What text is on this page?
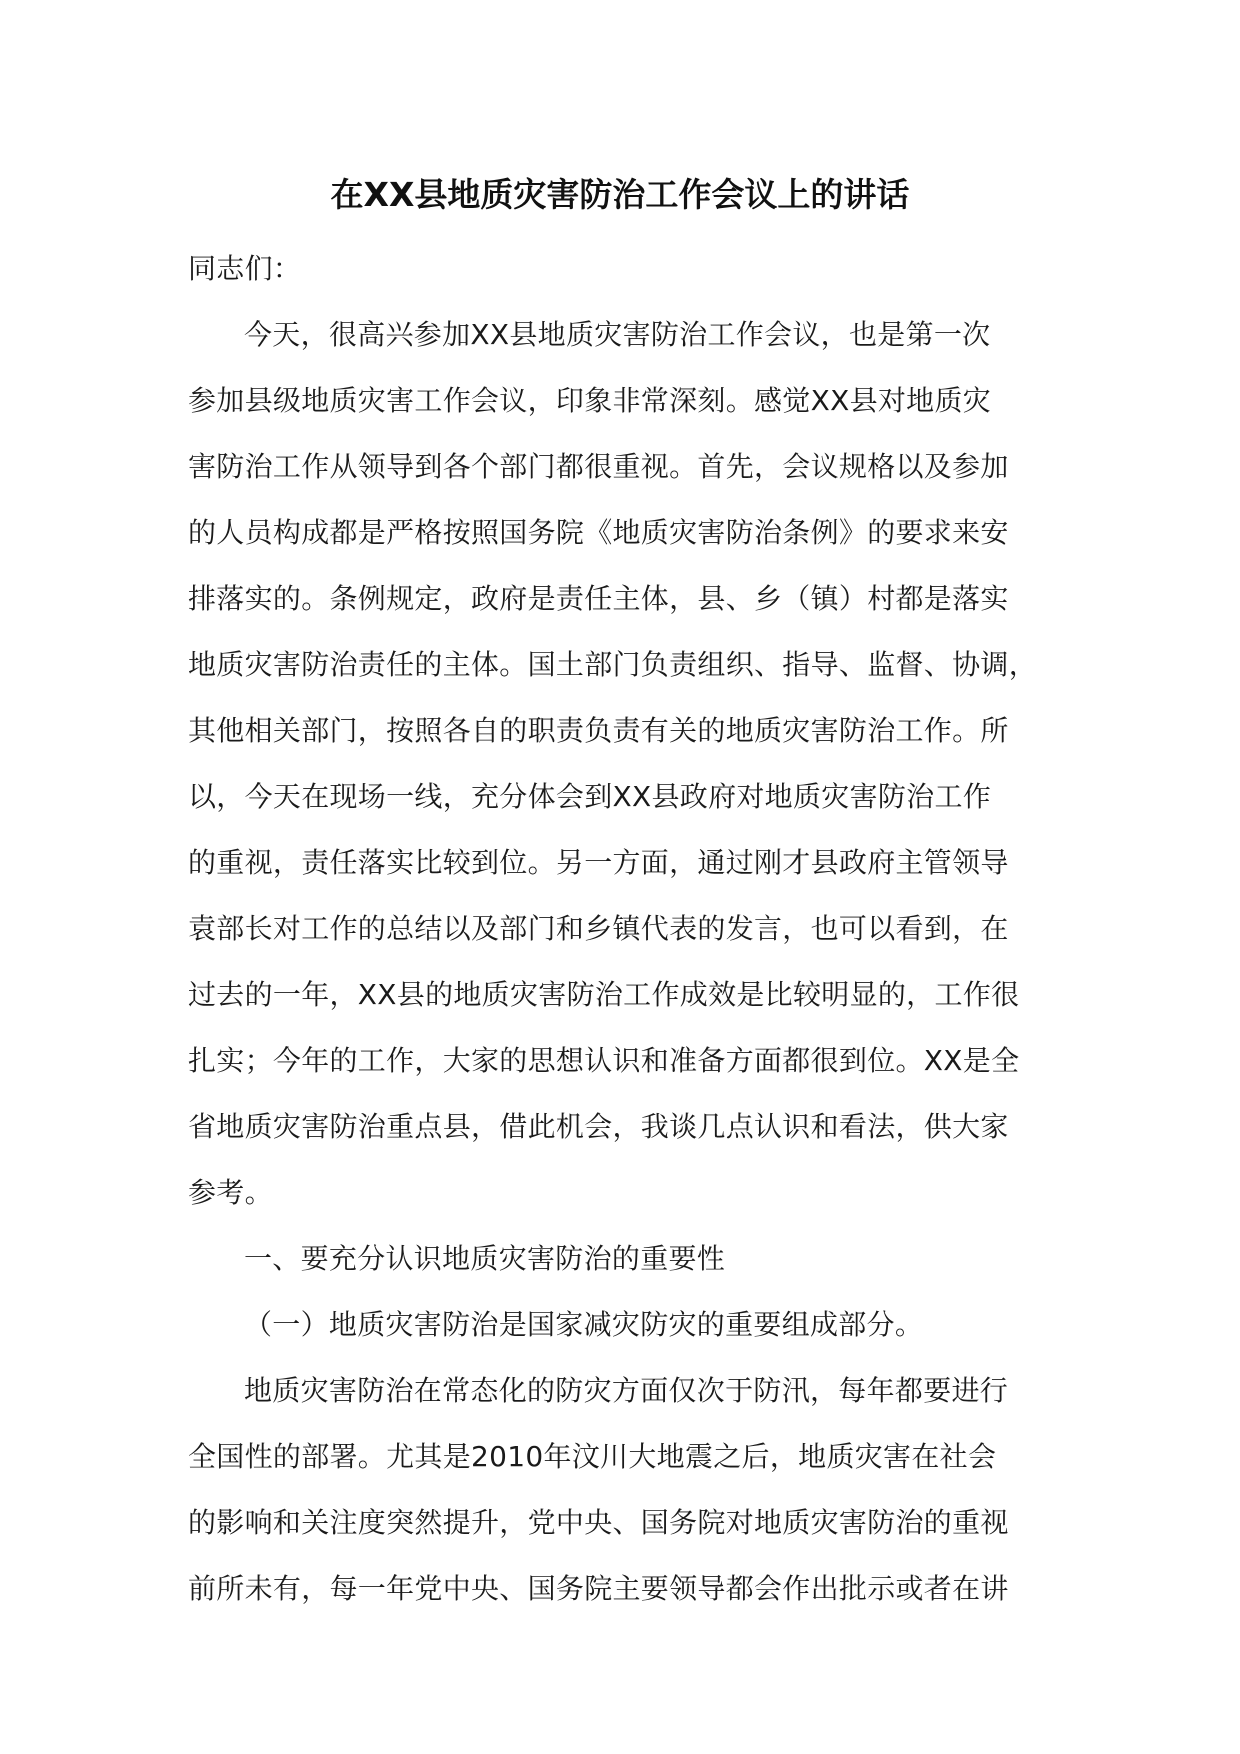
在XX县地质灾害防治工作会议上的讲话
同志们：
今天，很高兴参加XX县地质灾害防治工作会议，也是第一次
参加县级地质灾害工作会议，印象非常深刻。感觉XX县对地质灾
害防治工作从领导到各个部门都很重视。首先，会议规格以及参加
的人员构成都是严格按照国务院《地质灾害防治条例》的要求来安
排落实的。条例规定，政府是责任主体，县、乡（镇）村都是落实
地质灾害防治责任的主体。国土部门负责组织、指导、监督、协调，
其他相关部门，按照各自的职责负责有关的地质灾害防治工作。所
以，今天在现场一线，充分体会到XX县政府对地质灾害防治工作
的重视，责任落实比较到位。另一方面，通过刚才县政府主管领导
袁部长对工作的总结以及部门和乡镇代表的发言，也可以看到，在
过去的一年，XX县的地质灾害防治工作成效是比较明显的，工作很
扎实；今年的工作，大家的思想认识和准备方面都很到位。XX是全
省地质灾害防治重点县，借此机会，我谈几点认识和看法，供大家
参考。
一、要充分认识地质灾害防治的重要性
（一）地质灾害防治是国家减灾防灾的重要组成部分。
地质灾害防治在常态化的防灾方面仅次于防汛，每年都要进行
全国性的部署。尤其是2010年汶川大地震之后，地质灾害在社会
的影响和关注度突然提升，党中央、国务院对地质灾害防治的重视
前所未有，每一年党中央、国务院主要领导都会作出批示或者在讲
